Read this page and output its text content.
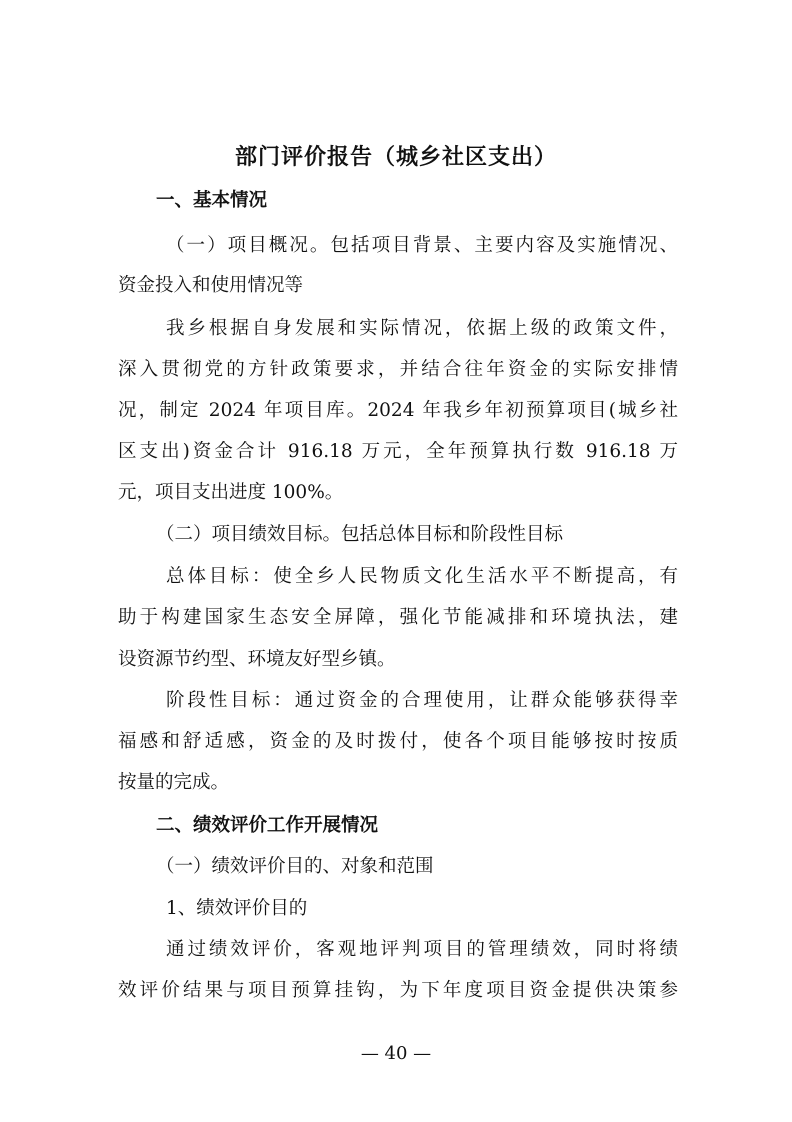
部门评价报告（城乡社区支出）
一、基本情况
（一）项目概况。包括项目背景、主要内容及实施情况、
资金投入和使用情况等
我乡根据自身发展和实际情况，依据上级的政策文件，
深入贯彻党的方针政策要求，并结合往年资金的实际安排情
况，制定 2024 年项目库。2024 年我乡年初预算项目(城乡社
区支出)资金合计 916.18 万元，全年预算执行数 916.18 万
元，项目支出进度 100%。
（二）项目绩效目标。包括总体目标和阶段性目标
总体目标：使全乡人民物质文化生活水平不断提高，有
助于构建国家生态安全屏障，强化节能减排和环境执法，建
设资源节约型、环境友好型乡镇。
阶段性目标：通过资金的合理使用，让群众能够获得幸
福感和舒适感，资金的及时拨付，使各个项目能够按时按质
按量的完成。
二、绩效评价工作开展情况
（一）绩效评价目的、对象和范围
1、绩效评价目的
通过绩效评价，客观地评判项目的管理绩效，同时将绩
效评价结果与项目预算挂钩，为下年度项目资金提供决策参
— 40 —
